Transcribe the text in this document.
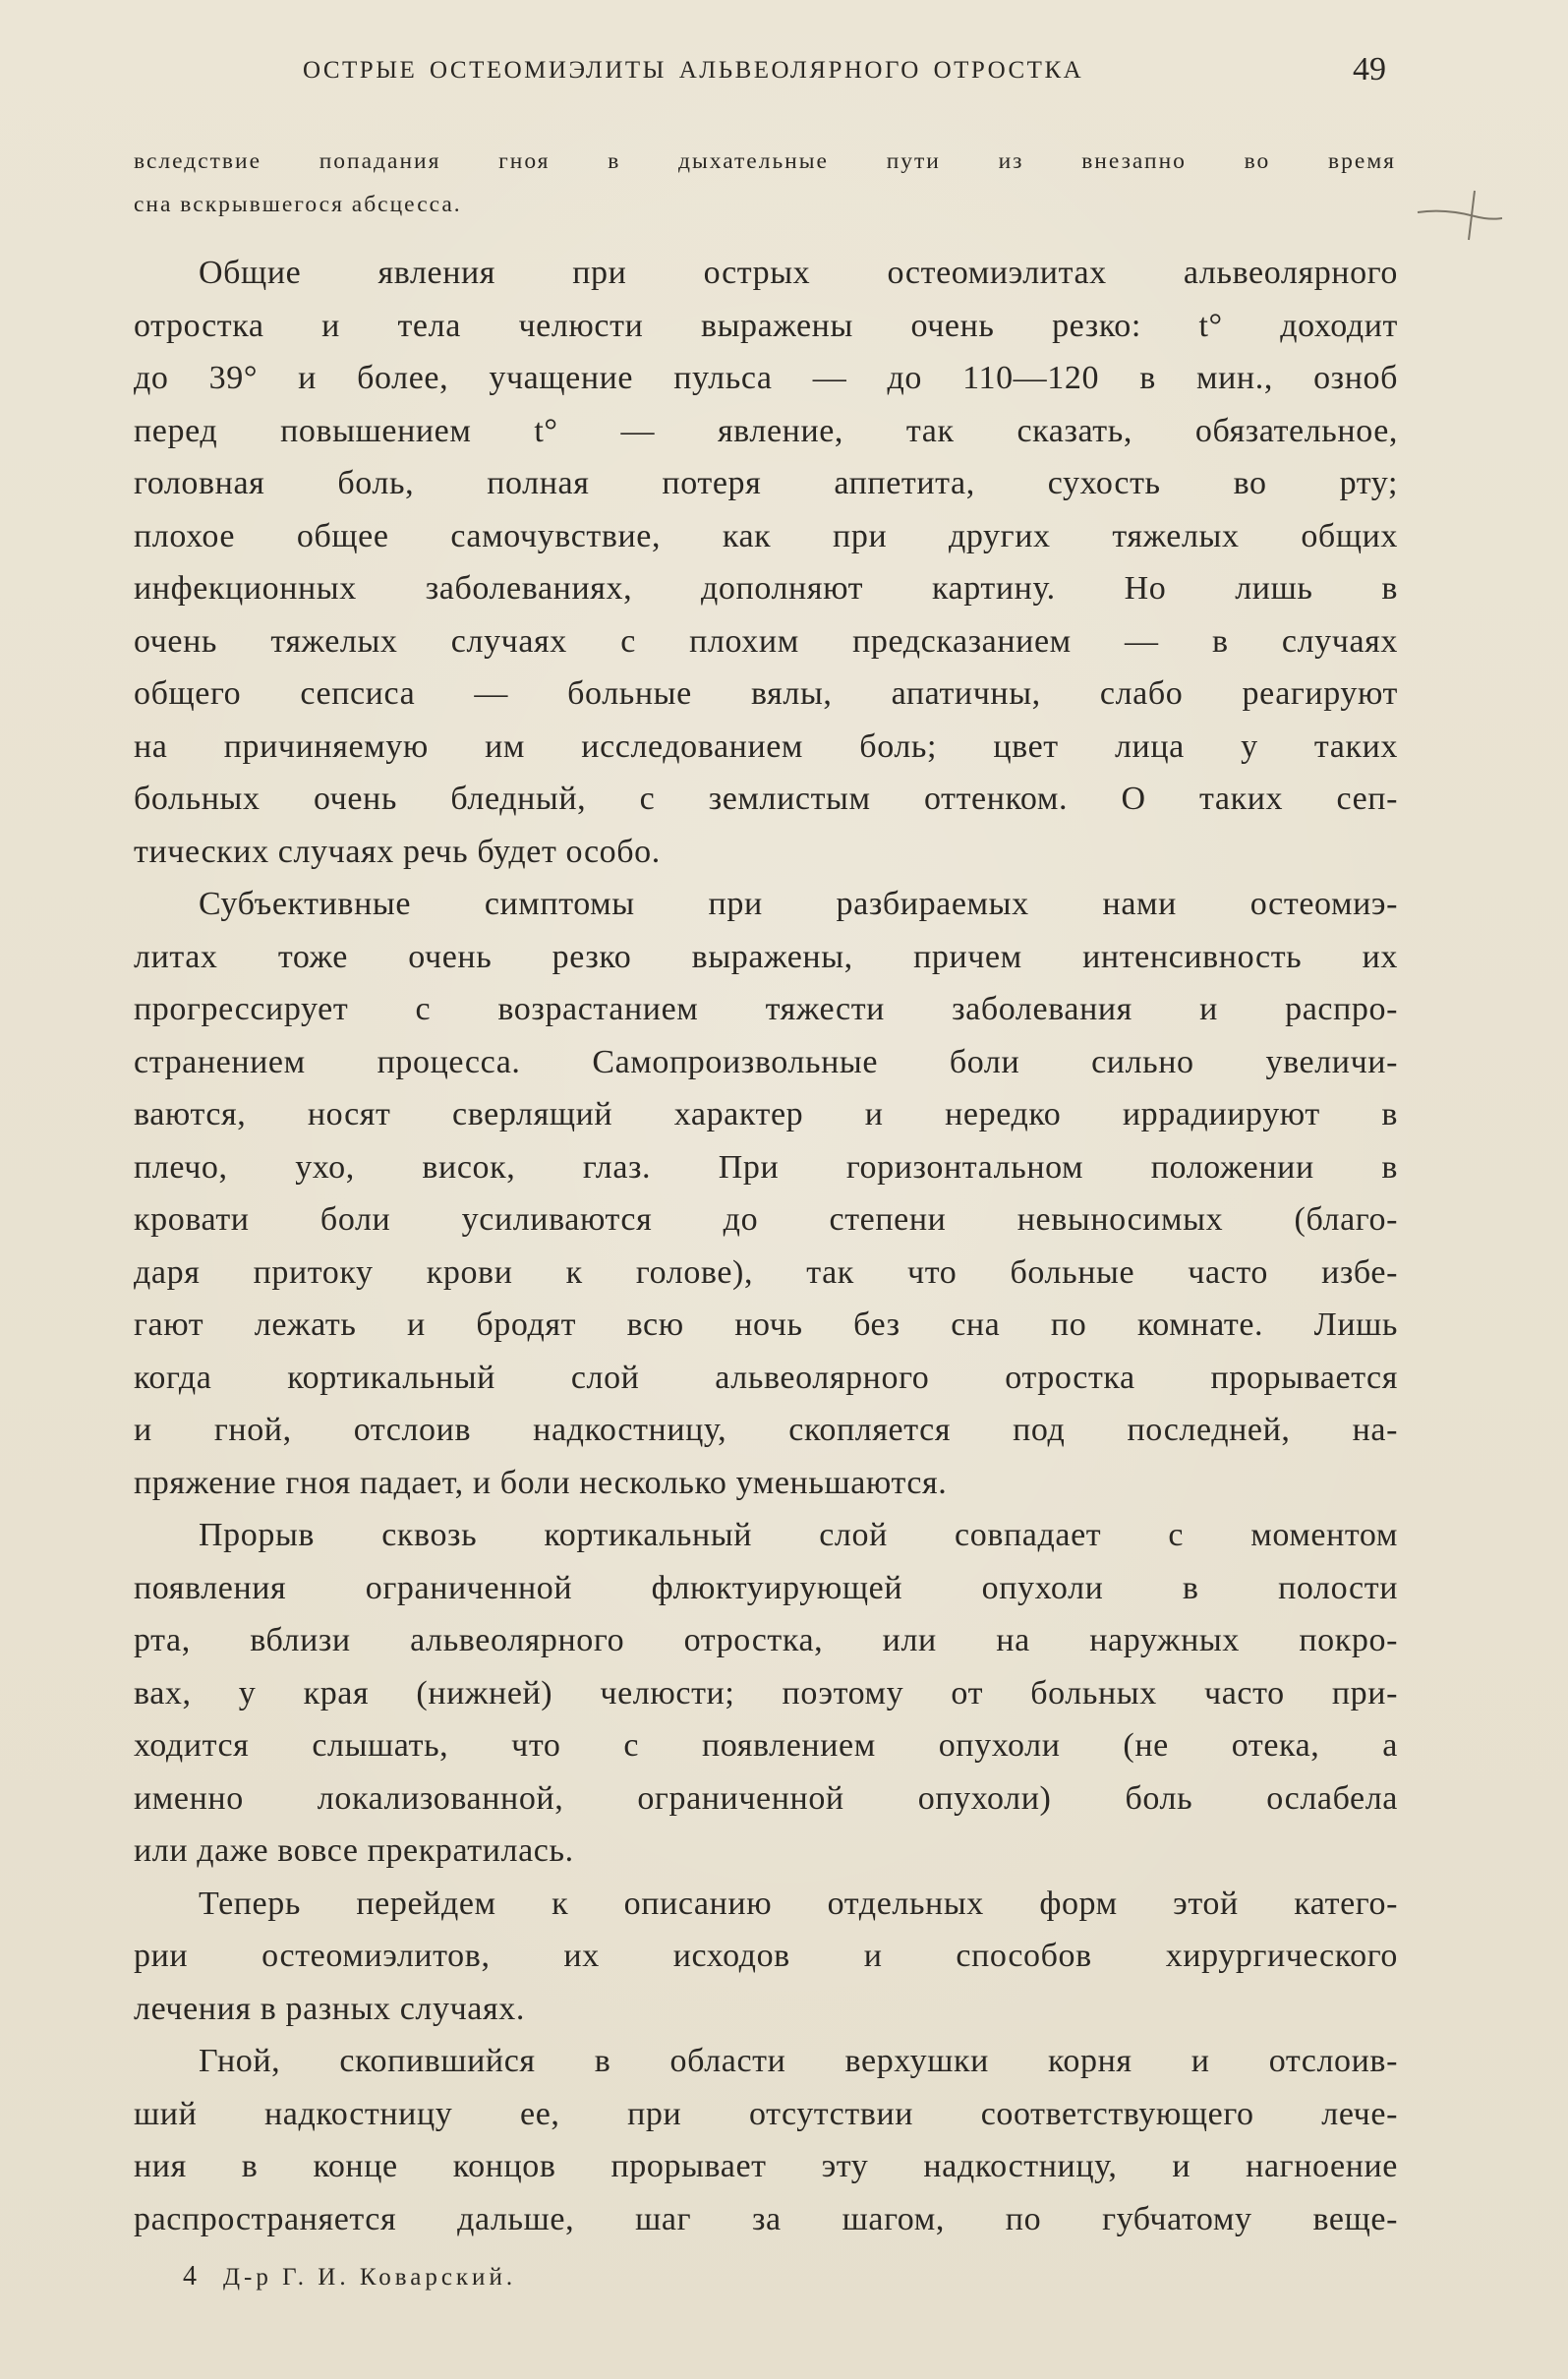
ОСТРЫЕ ОСТЕОМИЭЛИТЫ АЛЬВЕОЛЯРНОГО ОТРОСТКА	49
вследствие попадания гноя в дыхательные пути из внезапно во время
сна вскрывшегося абсцесса.
Общие явления при острых остеомиэлитах альвеолярного
отростка и тела челюсти выражены очень резко: t° доходит
до 39° и более, учащение пульса — до 110—120 в мин., озноб
перед повышением t° — явление, так сказать, обязательное,
головная боль, полная потеря аппетита, сухость во рту;
плохое общее самочувствие, как при других тяжелых общих
инфекционных заболеваниях, дополняют картину. Но лишь в
очень тяжелых случаях с плохим предсказанием — в случаях
общего сепсиса — больные вялы, апатичны, слабо реагируют
на причиняемую им исследованием боль; цвет лица у таких
больных очень бледный, с землистым оттенком. О таких сеп-
тических случаях речь будет особо.
Субъективные симптомы при разбираемых нами остеомиэ-
литах тоже очень резко выражены, причем интенсивность их
прогрессирует с возрастанием тяжести заболевания и распро-
странением процесса. Самопроизвольные боли сильно увеличи-
ваются, носят сверлящий характер и нередко иррадиируют в
плечо, ухо, висок, глаз. При горизонтальном положении в
кровати боли усиливаются до степени невыносимых (благо-
даря притоку крови к голове), так что больные часто избе-
гают лежать и бродят всю ночь без сна по комнате. Лишь
когда кортикальный слой альвеолярного отростка прорывается
и гной, отслоив надкостницу, скопляется под последней, на-
пряжение гноя падает, и боли несколько уменьшаются.
Прорыв сквозь кортикальный слой совпадает с моментом
появления ограниченной флюктуирующей опухоли в полости
рта, вблизи альвеолярного отростка, или на наружных покро-
вах, у края (нижней) челюсти; поэтому от больных часто при-
ходится слышать, что с появлением опухоли (не отека, а
именно локализованной, ограниченной опухоли) боль ослабела
или даже вовсе прекратилась.
Теперь перейдем к описанию отдельных форм этой катего-
рии остеомиэлитов, их исходов и способов хирургического
лечения в разных случаях.
Гной, скопившийся в области верхушки корня и отслоив-
ший надкостницу ее, при отсутствии соответствующего лече-
ния в конце концов прорывает эту надкостницу, и нагноение
распространяется дальше, шаг за шагом, по губчатому веще-
4 Д-р Г. И. Коварский.
